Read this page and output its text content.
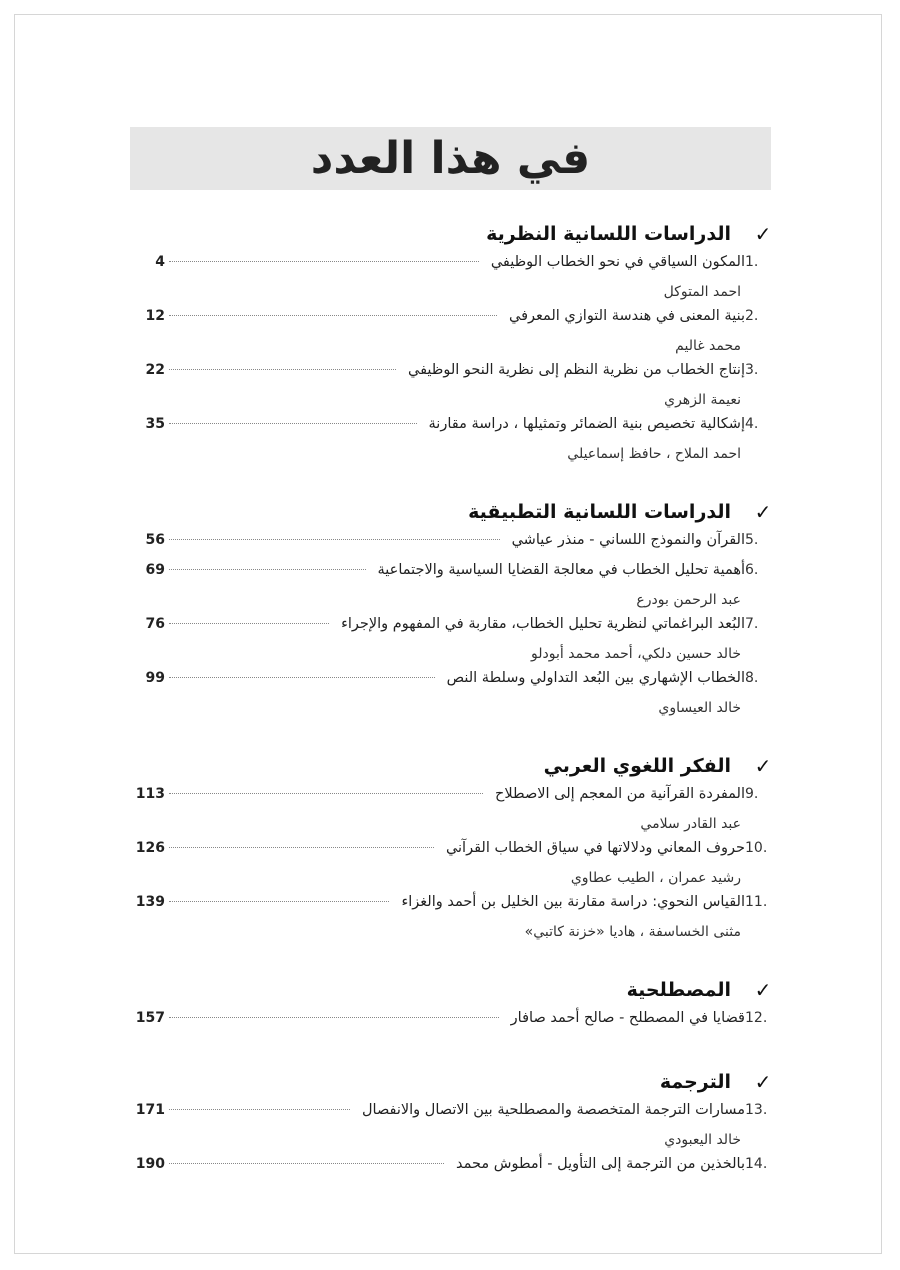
في هذا العدد
✓
الدراسات اللسانية النظرية
1.
المكون السياقي في نحو الخطاب الوظيفي
4
احمد المتوكل
2.
بنية المعنى في هندسة التوازي المعرفي
12
محمد غاليم
3.
إنتاج الخطاب من نظرية النظم إلى نظرية النحو الوظيفي
22
نعيمة الزهري
4.
إشكالية تخصيص بنية الضمائر وتمثيلها ، دراسة مقارنة
35
احمد الملاح ، حافظ إسماعيلي
✓
الدراسات اللسانية التطبيقية
5.
القرآن والنموذج اللساني - منذر عياشي
56
6.
أهمية تحليل الخطاب في معالجة القضايا السياسية والاجتماعية
69
عبد الرحمن بودرع
7.
البُعد البراغماتي لنظرية تحليل الخطاب، مقاربة في المفهوم والإجراء
76
خالد حسين دلكي، أحمد محمد أبودلو
8.
الخطاب الإشهاري بين البُعد التداولي وسلطة النص
99
خالد العيساوي
✓
الفكر اللغوي العربي
9.
المفردة القرآنية من المعجم إلى الاصطلاح
113
عبد القادر سلامي
10.
حروف المعاني ودلالاتها في سياق الخطاب القرآني
126
رشيد عمران ، الطيب عطاوي
11.
القياس النحوي: دراسة مقارنة بين الخليل بن أحمد والغزاء
139
مثنى الخساسفة ، هاديا «خزنة كاتبي»
✓
المصطلحية
12.
قضايا في المصطلح - صالح أحمد صافار
157
✓
الترجمة
13.
مسارات الترجمة المتخصصة والمصطلحية بين الاتصال والانفصال
171
خالد اليعبودي
14.
بالخذين من الترجمة إلى التأويل - أمطوش محمد
190
